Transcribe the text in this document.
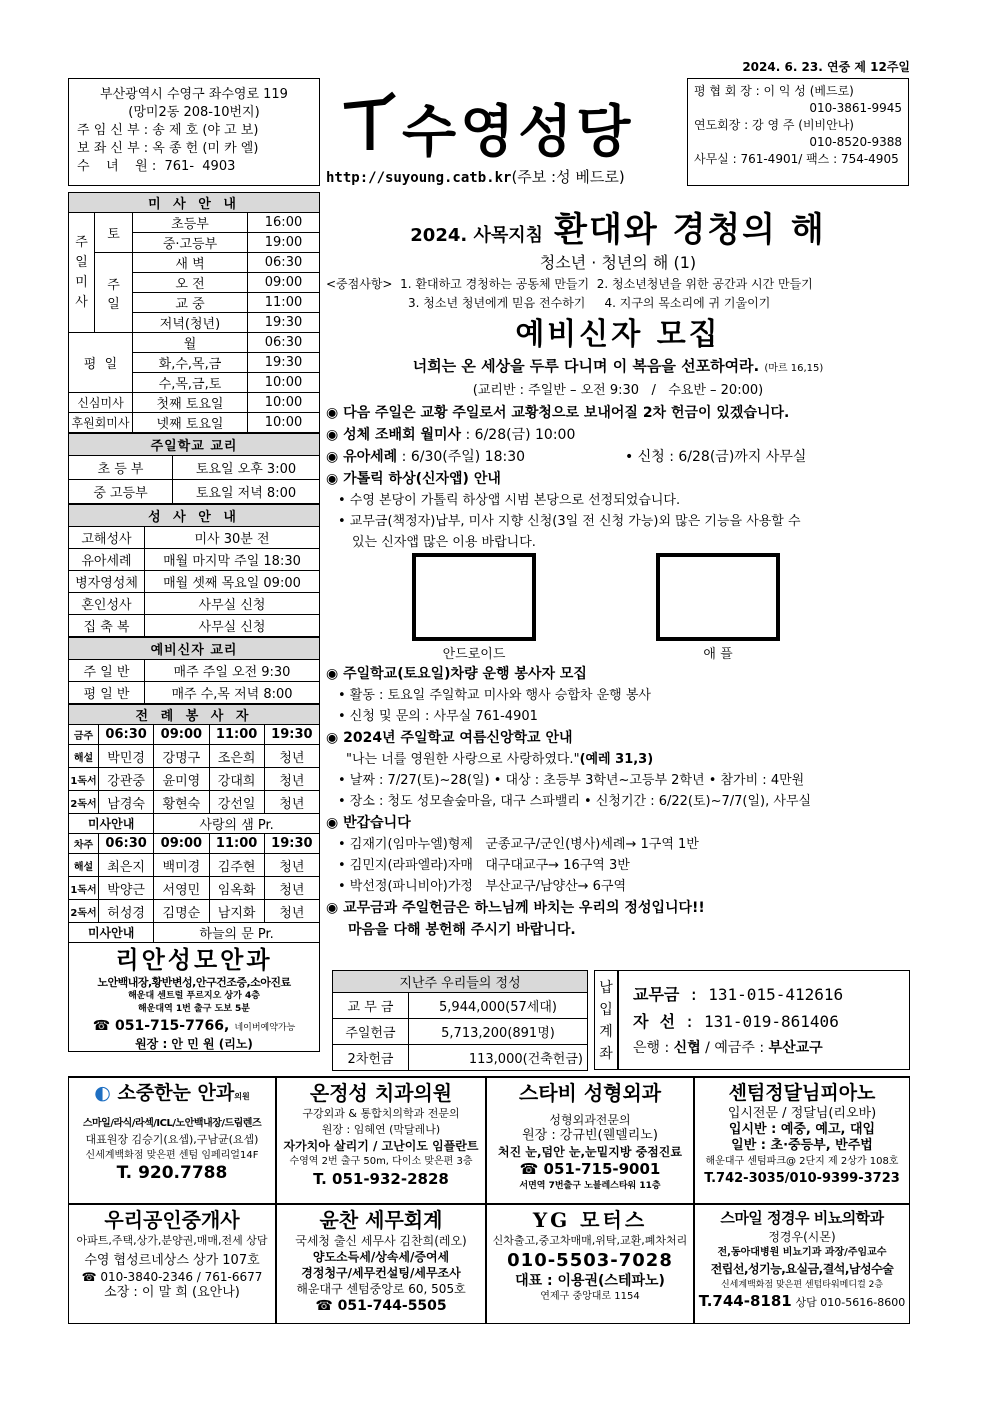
2024. 6. 23. 연중 제 12주일
부산광역시 수영구 좌수영로 119
(망미2동 208-10번지)
주 임 신 부 : 송 제 호 (야 고 보)
보 좌 신 부 : 옥 종 헌 (미 카 엘)
수    녀    원 :  761-  4903
수영성당
http://suyoung.catb.kr(주보 :성 베드로)
평 협 회 장 : 이 익 성 (베드로)
010-3861-9945
연도회장 : 강 영 주 (비비안나)
010-8520-9388
사무실 : 761-4901/ 팩스 : 754-4905
미 사 안 내			
주 일 미 사	토	초등부	16:00
		중·고등부	19:00
	주 일	새 벽	06:30
		오 전	09:00
		교 중	11:00
		저녁(청년)	19:30
평  일		월	06:30
		화,수,목,금	19:30
		수,목,금,토	10:00
신심미사		첫째 토요일	10:00
후원회미사		넷째 토요일	10:00
주일학교 교리	
초 등 부	토요일 오후 3:00
중 고등부	토요일 저녁 8:00
성 사 안 내	
고해성사	미사 30분 전
유아세례	매월 마지막 주일 18:30
병자영성체	매월 셋째 목요일 09:00
혼인성사	사무실 신청
집 축 복	사무실 신청
예비신자 교리	
주 일 반	매주 주일 오전 9:30
평 일 반	매주 수,목 저녁 8:00
전 례 봉 사 자				
금주	06:30	09:00	11:00	19:30
해설	박민경	강명구	조은희	청년
1독서	강관중	윤미영	강대희	청년
2독서	남경숙	황현숙	강선일	청년
미사안내		사랑의 샘 Pr.		
차주	06:30	09:00	11:00	19:30
해설	최은지	백미경	김주현	청년
1독서	박양근	서영민	임옥화	청년
2독서	허성경	김명순	남지화	청년
미사안내		하늘의 문 Pr.		
리안성모안과
노안백내장,황반변성,안구건조증,소아진료
해운대 센트럴 푸르지오 상가 4층
해운대역 1번 출구 도보 5분
☎ 051-715-7766, 네이버예약가능
원장 : 안 민 원 (리노)
2024. 사목지침 환대와 경청의 해
청소년 · 청년의 해 (1)
<중점사항> 1. 환대하고 경청하는 공동체 만들기 2. 청소년청년을 위한 공간과 시간 만들기
3. 청소년 청년에게 믿음 전수하기 4. 지구의 목소리에 귀 기울이기
예비신자 모집
너희는 온 세상을 두루 다니며 이 복음을 선포하여라. (마르 16,15)
(교리반 : 주일반 – 오전 9:30   /   수요반 – 20:00)
◉ 다음 주일은 교황 주일로서 교황청으로 보내어질 2차 헌금이 있겠습니다.
◉ 성체 조배회 월미사 : 6/28(금) 10:00
◉ 유아세례 : 6/30(주일) 18:30	• 신청 : 6/28(금)까지 사무실
◉ 가톨릭 하상(신자앱) 안내
• 수영 본당이 가톨릭 하상앱 시범 본당으로 선정되었습니다.
• 교무금(책정자)납부, 미사 지향 신청(3일 전 신청 가능)외 많은 기능을 사용할 수
있는 신자앱 많은 이용 바랍니다.
안드로이드	애 플
◉ 주일학교(토요일)차량 운행 봉사자 모집
• 활동 : 토요일 주일학교 미사와 행사 승합차 운행 봉사
• 신청 및 문의 : 사무실 761-4901
◉ 2024년 주일학교 여름신앙학교 안내
"나는 너를 영원한 사랑으로 사랑하였다."(예레 31,3)
• 날짜 : 7/27(토)~28(일) • 대상 : 초등부 3학년~고등부 2학년 • 참가비 : 4만원
• 장소 : 청도 성모솔숲마을, 대구 스파밸리 • 신청기간 : 6/22(토)~7/7(일), 사무실
◉ 반갑습니다
• 김재기(임마누엘)형제   군종교구/군인(병사)세례→ 1구역 1반
• 김민지(라파엘라)자매   대구대교구→ 16구역 3반
• 박선정(파니비아)가정   부산교구/남양산→ 6구역
◉ 교무금과 주일헌금은 하느님께 바치는 우리의 정성입니다!!
마음을 다해 봉헌해 주시기 바랍니다.
지난주 우리들의 정성	
교 무 금	5,944,000(57세대)
주일헌금	5,713,200(891명)
2차헌금	113,000(건축헌금)
납 입 계 좌
교무금 : 131-015-412616
자  선 : 131-019-861406
은행 : 신협 / 예금주 : 부산교구
◐ 소중한눈 안과의원
스마일/라식/라섹/ICL/노안백내장/드림렌즈
대표원장 김승기(요셉),구남균(요셉)
신세계백화점 맞은편 센텀 임페리얼14F
T. 920.7788
온정성 치과의원
구강외과 & 통합치의학과 전문의
원장 : 임혜연 (막달레나)
자가치아 살리기 / 고난이도 임플란트
수영역 2번 출구 50m, 다이소 맞은편 3층
T. 051-932-2828
스타비 성형외과
성형외과전문의
원장 : 강규빈(웬델리노)
처진 눈,덤안 눈,눈밑지방 중점진료
☎ 051-715-9001
서면역 7번출구 노블레스타워 11층
센텀정달님피아노
입시전문 / 정달님(리오바)
입시반 : 예중, 예고, 대입
일반 : 초·중등부, 반주법
해운대구 센텀파크@ 2단지 제 2상가 108호
T.742-3035/010-9399-3723
우리공인중개사
아파트,주택,상가,분양권,매매,전세 상담
수영 협성르네상스 상가 107호
☎ 010-3840-2346 / 761-6677
소장 : 이 말 희 (요안나)
윤찬 세무회계
국세청 출신 세무사 김찬희(레오)
양도소득세/상속세/증여세
경정청구/세무컨설팅/세무조사
해운대구 센텀중앙로 60, 505호
☎ 051-744-5505
YG 모터스
신차출고,중고차매매,위탁,교환,폐차처리
010-5503-7028
대표 : 이용권(스테파노)
연제구 중앙대로 1154
스마일 정경우 비뇨의학과
정경우(시몬)
전,동아대병원 비뇨기과 과장/주임교수
전립선,성기능,요실금,결석,남성수술
신세계백화점 맞은편 센텀타워메디컬 2층
T.744-8181 상담 010-5616-8600
